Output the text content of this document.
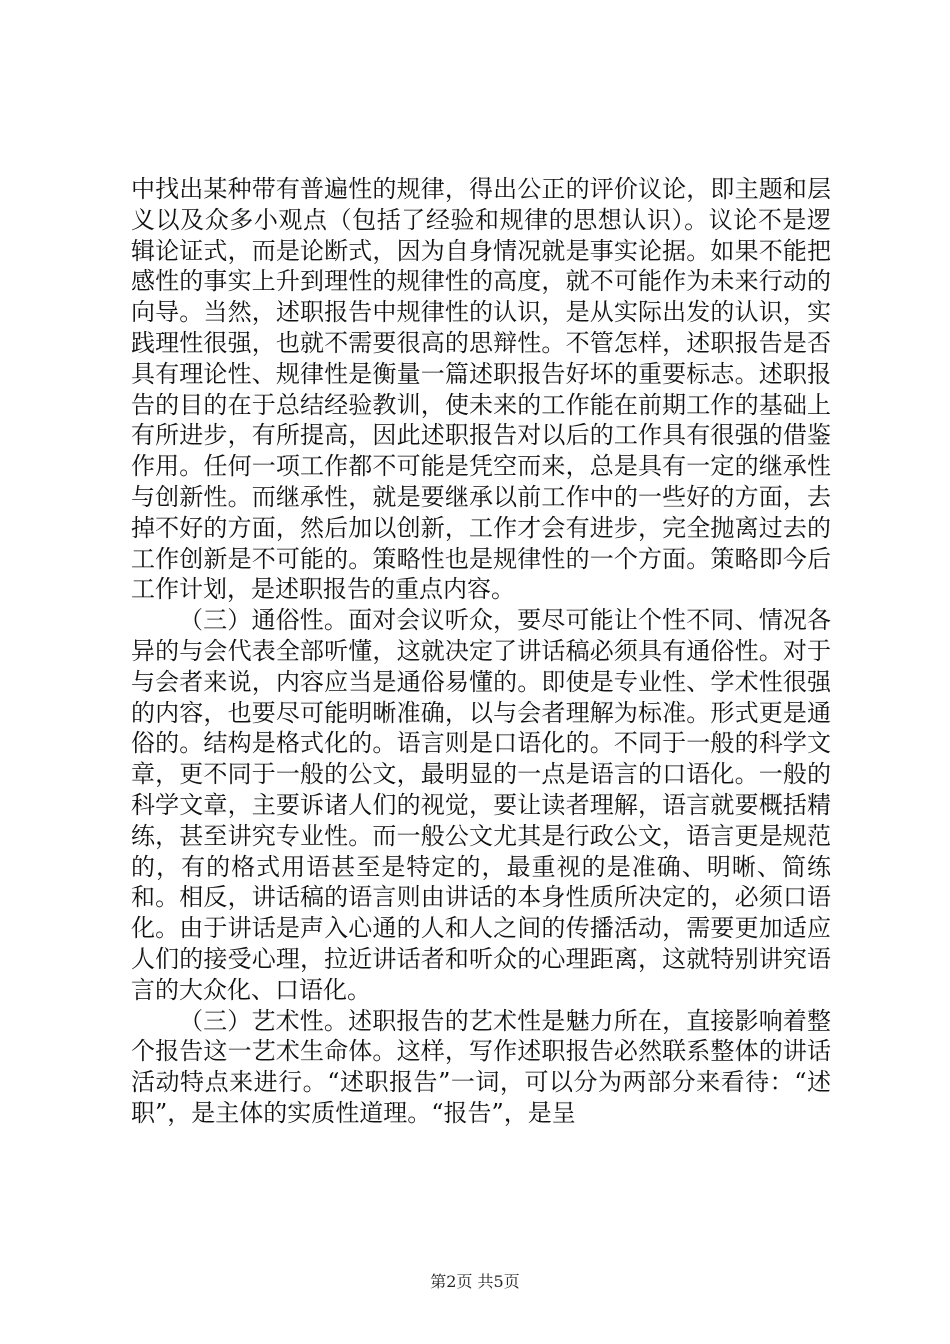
中找出某种带有普遍性的规律，得出公正的评价议论，即主题和层义以及众多小观点（包括了经验和规律的思想认识）。议论不是逻辑论证式，而是论断式，因为自身情况就是事实论据。如果不能把感性的事实上升到理性的规律性的高度，就不可能作为未来行动的向导。当然，述职报告中规律性的认识，是从实际出发的认识，实践理性很强，也就不需要很高的思辩性。不管怎样，述职报告是否具有理论性、规律性是衡量一篇述职报告好坏的重要标志。述职报告的目的在于总结经验教训，使未来的工作能在前期工作的基础上有所进步，有所提高，因此述职报告对以后的工作具有很强的借鉴作用。任何一项工作都不可能是凭空而来，总是具有一定的继承性与创新性。而继承性，就是要继承以前工作中的一些好的方面，去掉不好的方面，然后加以创新，工作才会有进步，完全抛离过去的工作创新是不可能的。策略性也是规律性的一个方面。策略即今后工作计划，是述职报告的重点内容。

（三）通俗性。面对会议听众，要尽可能让个性不同、情况各异的与会代表全部听懂，这就决定了讲话稿必须具有通俗性。对于与会者来说，内容应当是通俗易懂的。即使是专业性、学术性很强的内容，也要尽可能明晰准确，以与会者理解为标准。形式更是通俗的。结构是格式化的。语言则是口语化的。不同于一般的科学文章，更不同于一般的公文，最明显的一点是语言的口语化。一般的科学文章，主要诉诸人们的视觉，要让读者理解，语言就要概括精练，甚至讲究专业性。而一般公文尤其是行政公文，语言更是规范的，有的格式用语甚至是特定的，最重视的是准确、明晰、简练和。相反，讲话稿的语言则由讲话的本身性质所决定的，必须口语化。由于讲话是声入心通的人和人之间的传播活动，需要更加适应人们的接受心理，拉近讲话者和听众的心理距离，这就特别讲究语言的大众化、口语化。

（三）艺术性。述职报告的艺术性是魅力所在，直接影响着整个报告这一艺术生命体。这样，写作述职报告必然联系整体的讲话活动特点来进行。“述职报告”一词，可以分为两部分来看待：“述职”，是主体的实质性道理。“报告”，是呈

第2页 共5页
